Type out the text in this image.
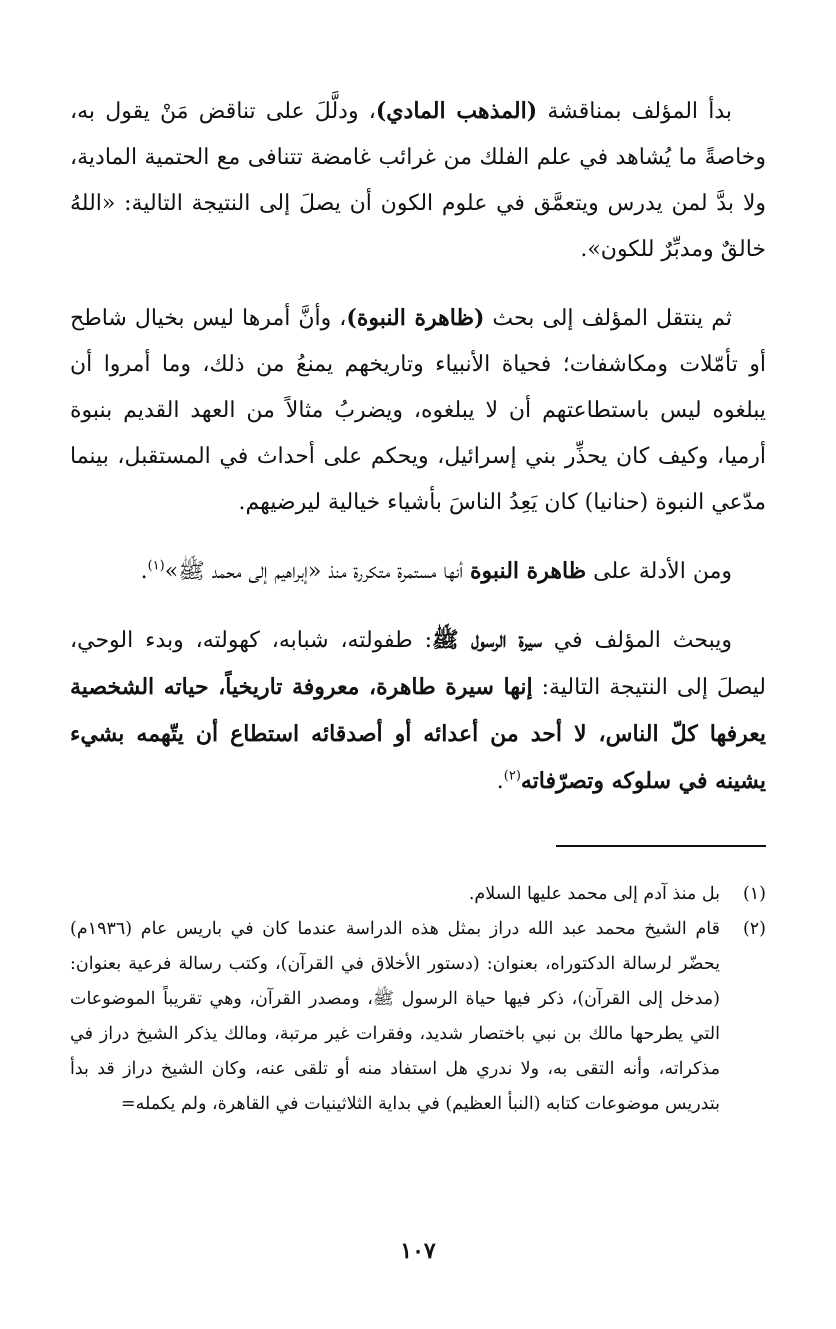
بدأ المؤلف بمناقشة (المذهب المادي)، ودلَّلَ على تناقض مَنْ يقول به، وخاصةً ما يُشاهد في علم الفلك من غرائب غامضة تتنافى مع الحتمية المادية، ولا بدَّ لمن يدرس ويتعمَّق في علوم الكون أن يصلَ إلى النتيجة التالية: «اللهُ خالقٌ ومدبِّرٌ للكون».

ثم ينتقل المؤلف إلى بحث (ظاهرة النبوة)، وأنَّ أمرها ليس بخيال شاطح أو تأمّلات ومكاشفات؛ فحياة الأنبياء وتاريخهم يمنعُ من ذلك، وما أمروا أن يبلغوه ليس باستطاعتهم أن لا يبلغوه، ويضربُ مثالاً من العهد القديم بنبوة أرميا، وكيف كان يحذِّر بني إسرائيل، ويحكم على أحداث في المستقبل، بينما مدّعي النبوة (حنانيا) كان يَعِدُ الناسَ بأشياء خيالية ليرضيهم.

ومن الأدلة على ظاهرة النبوة أنها مستمرة متكررة منذ «إبراهيم إلى محمد ﷺ»$^{(١)}$.

ويبحث المؤلف في سيرة الرسول ﷺ: طفولته، شبابه، كهولته، وبدء الوحي، ليصلَ إلى النتيجة التالية: إنها سيرة طاهرة، معروفة تاريخياً، حياته الشخصية يعرفها كلّ الناس، لا أحد من أعدائه أو أصدقائه استطاع أن يتّهمه بشيء يشينه في سلوكه وتصرّفاته$^{(٢)}$.

(١)
بل منذ آدم إلى محمد عليها السلام.
(٢)
قام الشيخ محمد عبد الله دراز بمثل هذه الدراسة عندما كان في باريس عام (١٩٣٦م) يحضّر لرسالة الدكتوراه، بعنوان: (دستور الأخلاق في القرآن)، وكتب رسالة فرعية بعنوان: (مدخل إلى القرآن)، ذكر فيها حياة الرسول ﷺ، ومصدر القرآن، وهي تقريباً الموضوعات التي يطرحها مالك بن نبي باختصار شديد، وفقرات غير مرتبة، ومالك يذكر الشيخ دراز في مذكراته، وأنه التقى به، ولا ندري هل استفاد منه أو تلقى عنه، وكان الشيخ دراز قد بدأ بتدريس موضوعات كتابه (النبأ العظيم) في بداية الثلاثينيات في القاهرة، ولم يكمله=
١٠٧
